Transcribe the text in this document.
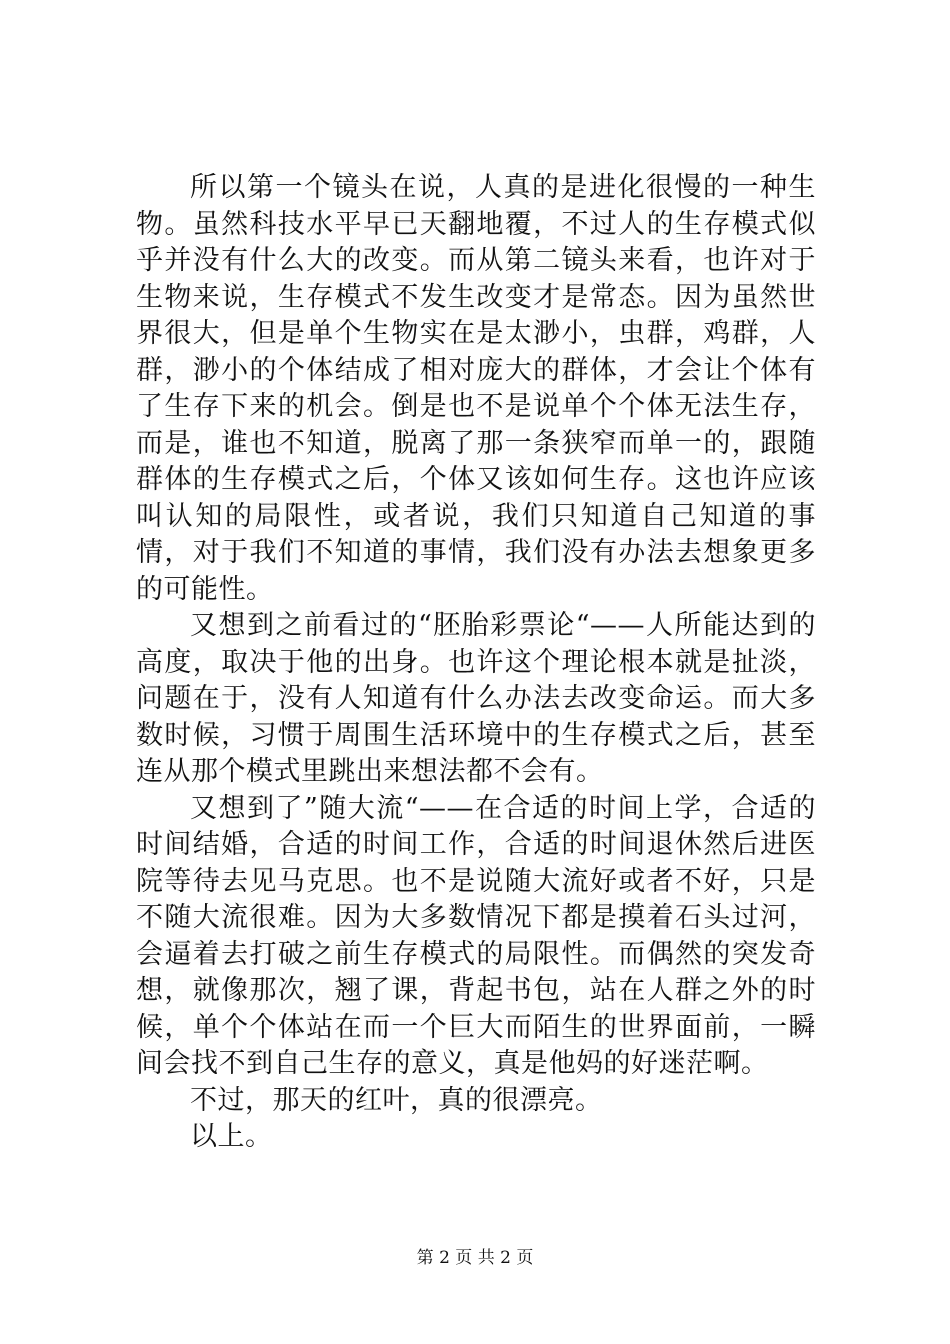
所以第一个镜头在说，人真的是进化很慢的一种生物。虽然科技水平早已天翻地覆，不过人的生存模式似乎并没有什么大的改变。而从第二镜头来看，也许对于生物来说，生存模式不发生改变才是常态。因为虽然世界很大，但是单个生物实在是太渺小，虫群，鸡群，人群，渺小的个体结成了相对庞大的群体，才会让个体有了生存下来的机会。倒是也不是说单个个体无法生存，而是，谁也不知道，脱离了那一条狭窄而单一的，跟随群体的生存模式之后，个体又该如何生存。这也许应该叫认知的局限性，或者说，我们只知道自己知道的事情，对于我们不知道的事情，我们没有办法去想象更多的可能性。

又想到之前看过的“胚胎彩票论“——人所能达到的高度，取决于他的出身。也许这个理论根本就是扯淡，问题在于，没有人知道有什么办法去改变命运。而大多数时候，习惯于周围生活环境中的生存模式之后，甚至连从那个模式里跳出来想法都不会有。

又想到了”随大流“——在合适的时间上学，合适的时间结婚，合适的时间工作，合适的时间退休然后进医院等待去见马克思。也不是说随大流好或者不好，只是不随大流很难。因为大多数情况下都是摸着石头过河，会逼着去打破之前生存模式的局限性。而偶然的突发奇想，就像那次，翘了课，背起书包，站在人群之外的时候，单个个体站在而一个巨大而陌生的世界面前，一瞬间会找不到自己生存的意义，真是他妈的好迷茫啊。

不过，那天的红叶，真的很漂亮。

以上。

第 2 页 共 2 页
